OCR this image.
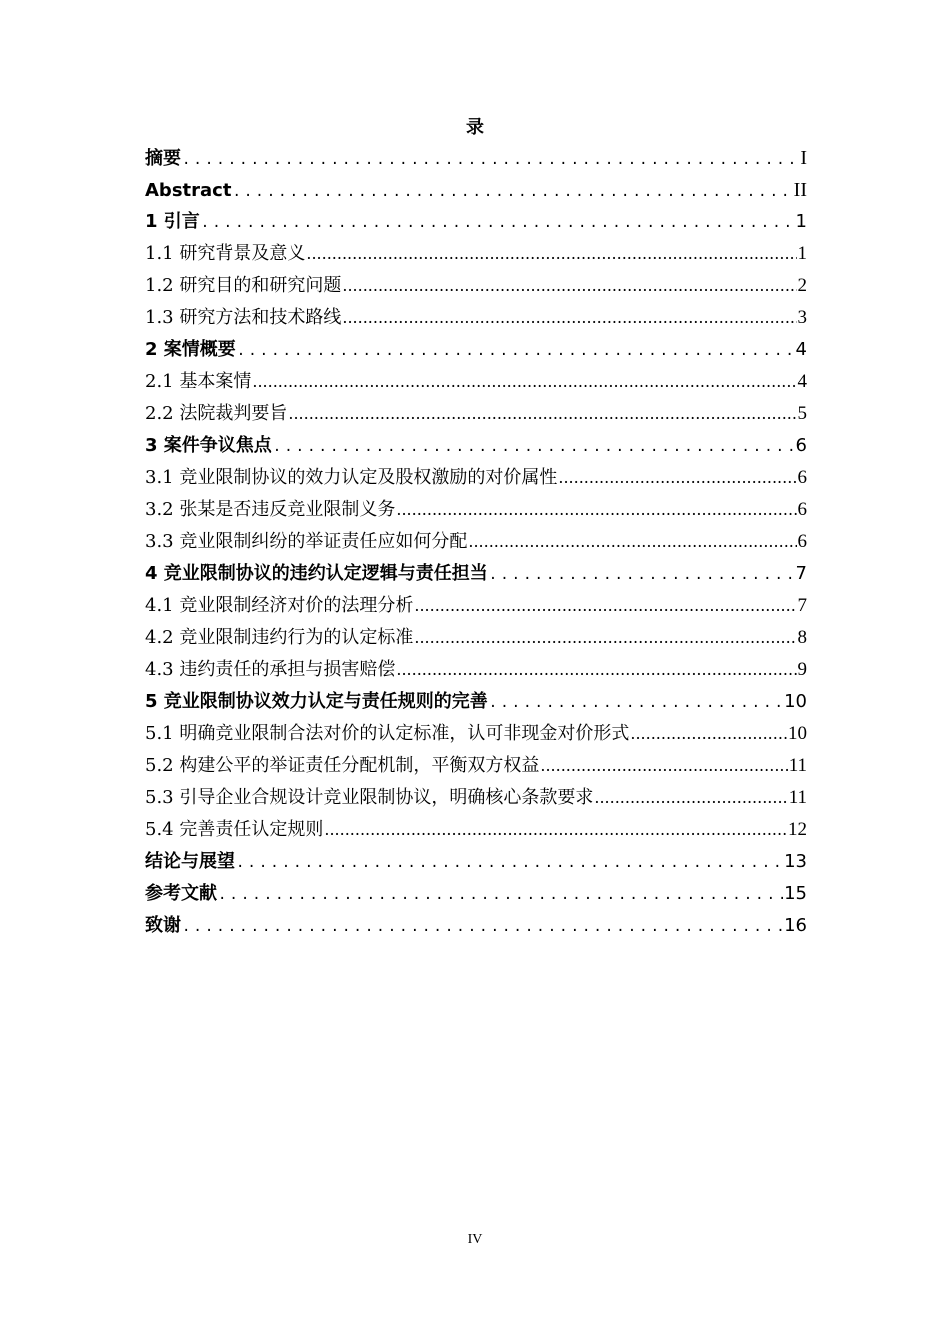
录
摘要 .....	I
Abstract .....	II
1 引言 .....	1
1.1 研究背景及意义 .....	1
1.2 研究目的和研究问题 .....	2
1.3 研究方法和技术路线 .....	3
2 案情概要 .....	4
2.1 基本案情 .....	4
2.2 法院裁判要旨 .....	5
3 案件争议焦点 .....	6
3.1 竞业限制协议的效力认定及股权激励的对价属性 .....	6
3.2 张某是否违反竞业限制义务 .....	6
3.3 竞业限制纠纷的举证责任应如何分配 .....	6
4 竞业限制协议的违约认定逻辑与责任担当 .....	7
4.1 竞业限制经济对价的法理分析 .....	7
4.2 竞业限制违约行为的认定标准 .....	8
4.3 违约责任的承担与损害赔偿 .....	9
5 竞业限制协议效力认定与责任规则的完善 .....	10
5.1 明确竞业限制合法对价的认定标准，认可非现金对价形式 .....	10
5.2 构建公平的举证责任分配机制，平衡双方权益 .....	11
5.3 引导企业合规设计竞业限制协议，明确核心条款要求 .....	11
5.4 完善责任认定规则 .....	12
结论与展望 .....	13
参考文献 .....	15
致谢 .....	16
IV
